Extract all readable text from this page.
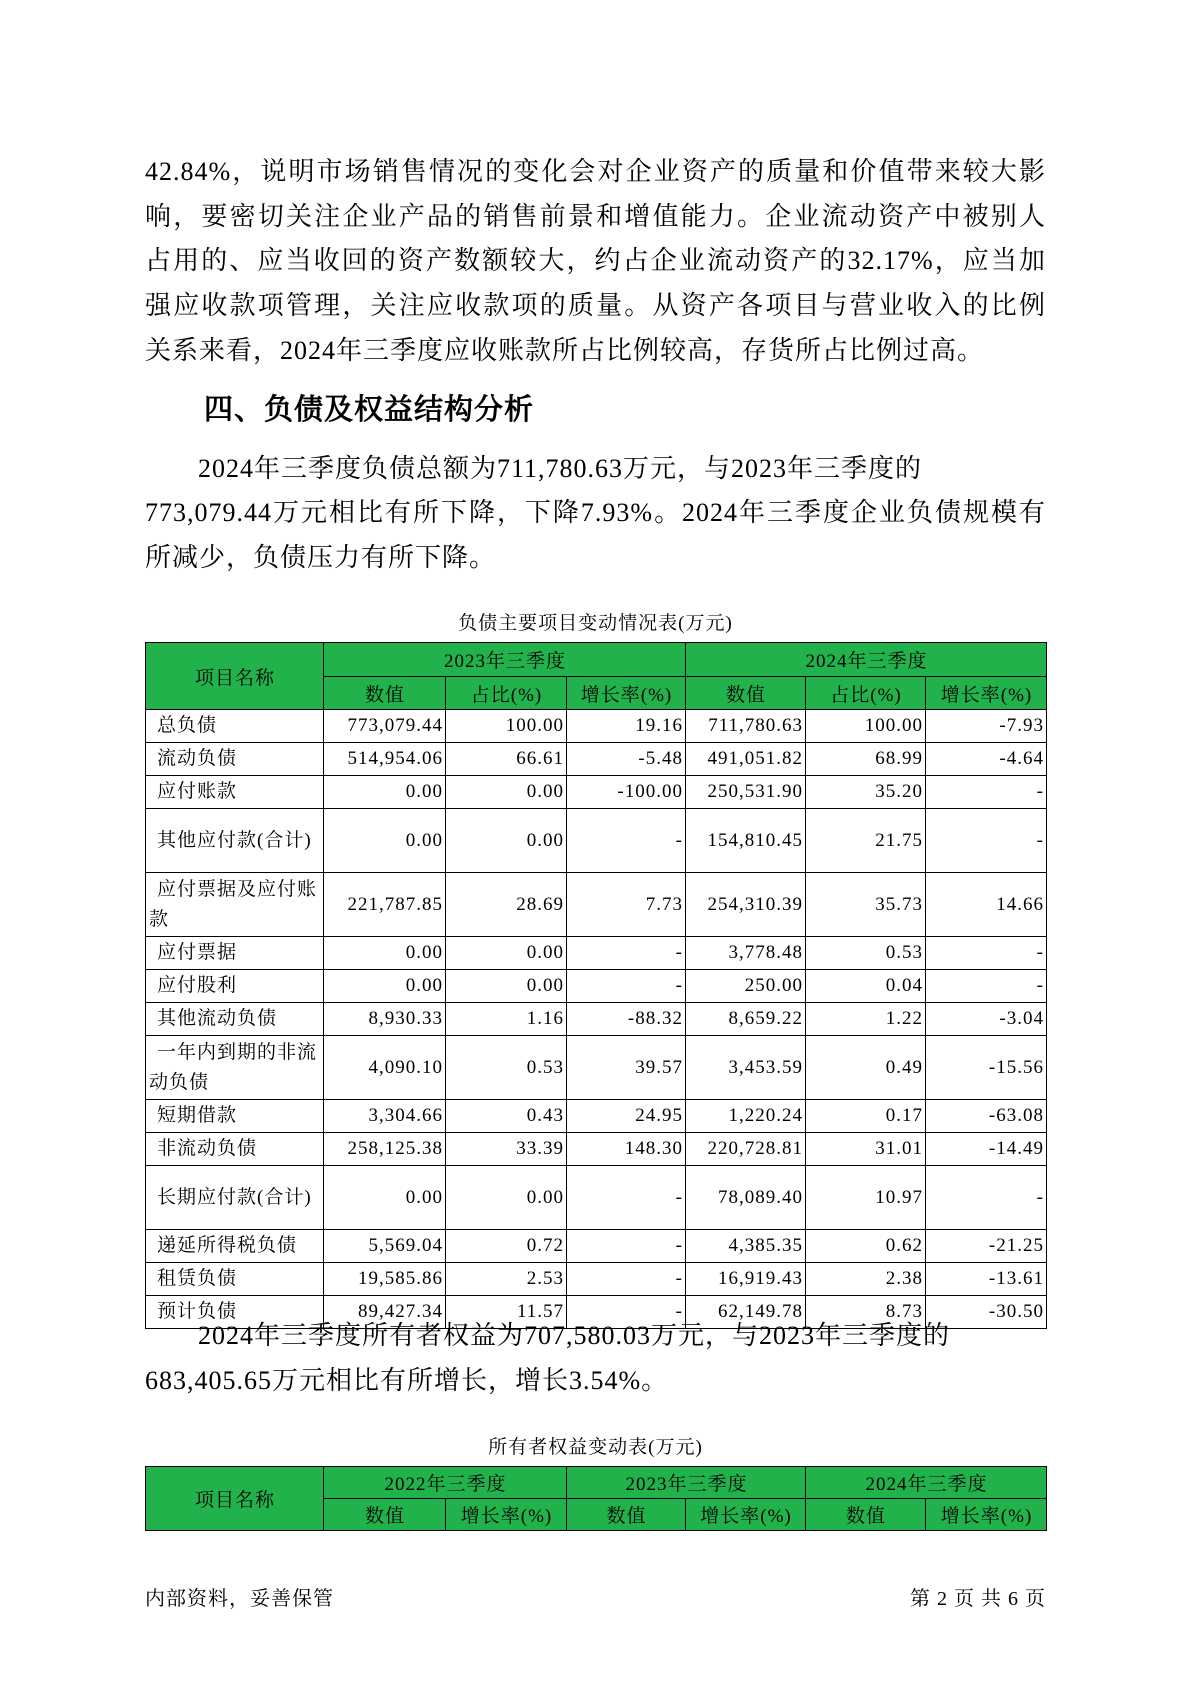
42.84%，说明市场销售情况的变化会对企业资产的质量和价值带来较大影
响，要密切关注企业产品的销售前景和增值能力。企业流动资产中被别人
占用的、应当收回的资产数额较大，约占企业流动资产的32.17%，应当加
强应收款项管理，关注应收款项的质量。从资产各项目与营业收入的比例
关系来看，2024年三季度应收账款所占比例较高，存货所占比例过高。
四、负债及权益结构分析
2024年三季度负债总额为711,780.63万元，与2023年三季度的
773,079.44万元相比有所下降，下降7.93%。2024年三季度企业负债规模有
所减少，负债压力有所下降。
负债主要项目变动情况表(万元)
项目名称	2023年三季度			2024年三季度		
	数值	占比(%)	增长率(%)	数值	占比(%)	增长率(%)
总负债	773,079.44	100.00	19.16	711,780.63	100.00	-7.93
流动负债	514,954.06	66.61	-5.48	491,051.82	68.99	-4.64
应付账款	0.00	0.00	-100.00	250,531.90	35.20	-
其他应付款(合计)	0.00	0.00	-	154,810.45	21.75	-
应付票据及应付账款	221,787.85	28.69	7.73	254,310.39	35.73	14.66
应付票据	0.00	0.00	-	3,778.48	0.53	-
应付股利	0.00	0.00	-	250.00	0.04	-
其他流动负债	8,930.33	1.16	-88.32	8,659.22	1.22	-3.04
一年内到期的非流动负债	4,090.10	0.53	39.57	3,453.59	0.49	-15.56
短期借款	3,304.66	0.43	24.95	1,220.24	0.17	-63.08
非流动负债	258,125.38	33.39	148.30	220,728.81	31.01	-14.49
长期应付款(合计)	0.00	0.00	-	78,089.40	10.97	-
递延所得税负债	5,569.04	0.72	-	4,385.35	0.62	-21.25
租赁负债	19,585.86	2.53	-	16,919.43	2.38	-13.61
预计负债	89,427.34	11.57	-	62,149.78	8.73	-30.50
2024年三季度所有者权益为707,580.03万元，与2023年三季度的
683,405.65万元相比有所增长，增长3.54%。
所有者权益变动表(万元)
项目名称	2022年三季度		2023年三季度		2024年三季度	
	数值	增长率(%)	数值	增长率(%)	数值	增长率(%)
内部资料，妥善保管	第 2 页 共 6 页
